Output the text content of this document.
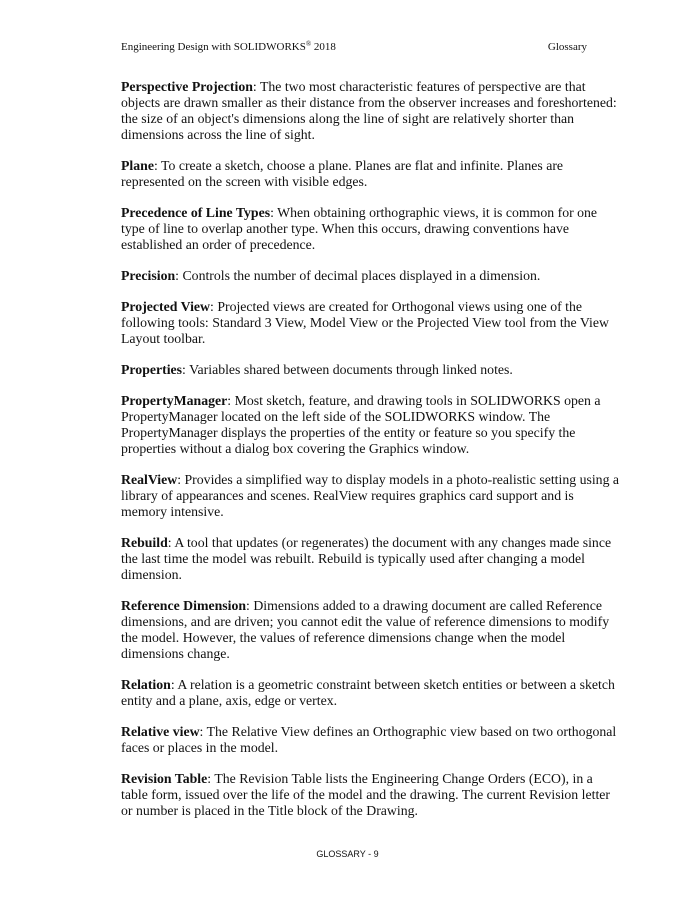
Engineering Design with SOLIDWORKS® 2018	Glossary

Perspective Projection: The two most characteristic features of perspective are that objects are drawn smaller as their distance from the observer increases and foreshortened: the size of an object's dimensions along the line of sight are relatively shorter than dimensions across the line of sight.

Plane: To create a sketch, choose a plane. Planes are flat and infinite. Planes are represented on the screen with visible edges.

Precedence of Line Types: When obtaining orthographic views, it is common for one type of line to overlap another type. When this occurs, drawing conventions have established an order of precedence.

Precision: Controls the number of decimal places displayed in a dimension.

Projected View: Projected views are created for Orthogonal views using one of the following tools: Standard 3 View, Model View or the Projected View tool from the View Layout toolbar.

Properties: Variables shared between documents through linked notes.

PropertyManager: Most sketch, feature, and drawing tools in SOLIDWORKS open a PropertyManager located on the left side of the SOLIDWORKS window. The PropertyManager displays the properties of the entity or feature so you specify the properties without a dialog box covering the Graphics window.

RealView: Provides a simplified way to display models in a photo-realistic setting using a library of appearances and scenes. RealView requires graphics card support and is memory intensive.

Rebuild: A tool that updates (or regenerates) the document with any changes made since the last time the model was rebuilt. Rebuild is typically used after changing a model dimension.

Reference Dimension: Dimensions added to a drawing document are called Reference dimensions, and are driven; you cannot edit the value of reference dimensions to modify the model. However, the values of reference dimensions change when the model dimensions change.

Relation: A relation is a geometric constraint between sketch entities or between a sketch entity and a plane, axis, edge or vertex.

Relative view: The Relative View defines an Orthographic view based on two orthogonal faces or places in the model.

Revision Table: The Revision Table lists the Engineering Change Orders (ECO), in a table form, issued over the life of the model and the drawing. The current Revision letter or number is placed in the Title block of the Drawing.

GLOSSARY - 9
